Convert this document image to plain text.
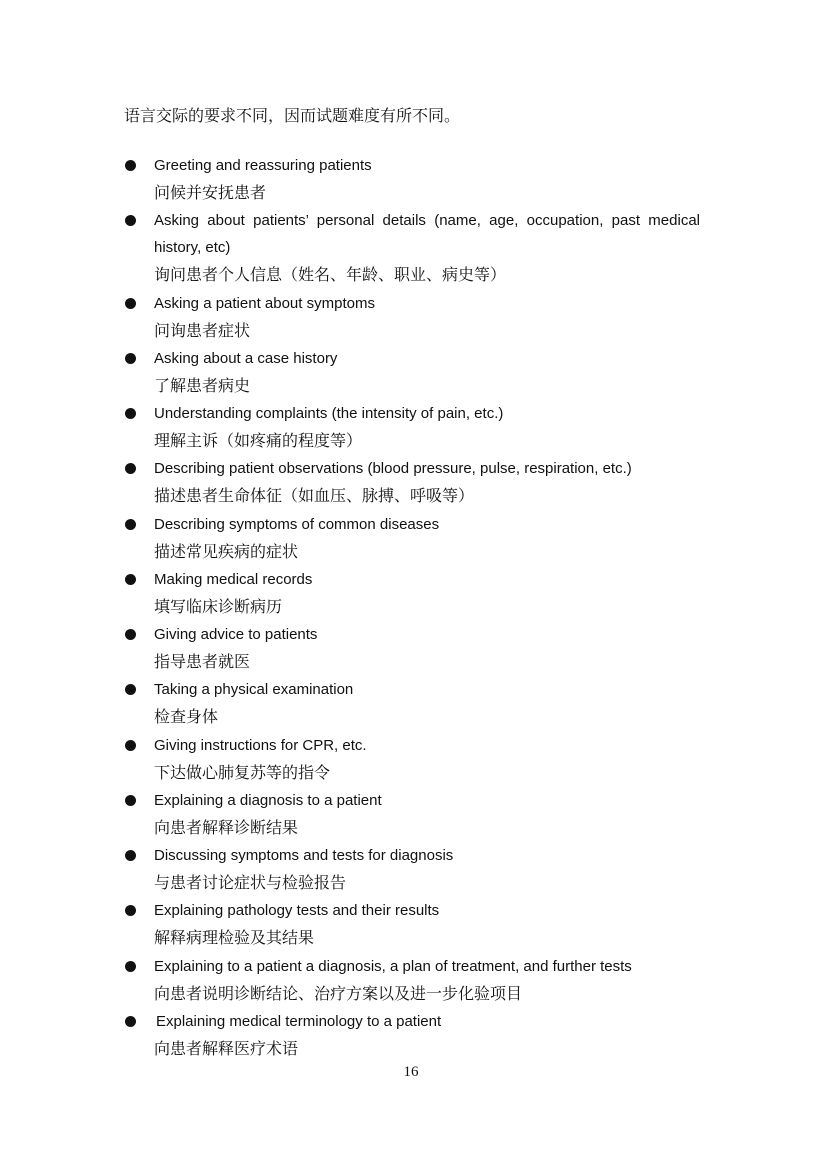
语言交际的要求不同，因而试题难度有所不同。
Greeting and reassuring patients
问候并安抚患者
Asking about patients’ personal details (name, age, occupation, past medical history, etc)
询问患者个人信息（姓名、年龄、职业、病史等）
Asking a patient about symptoms
问询患者症状
Asking about a case history
了解患者病史
Understanding complaints (the intensity of pain, etc.)
理解主诉（如疼痛的程度等）
Describing patient observations (blood pressure, pulse, respiration, etc.)
描述患者生命体征（如血压、脉搏、呼吸等）
Describing symptoms of common diseases
描述常见疾病的症状
Making medical records
填写临床诊断病历
Giving advice to patients
指导患者就医
Taking a physical examination
检查身体
Giving instructions for CPR, etc.
下达做心肺复苏等的指令
Explaining a diagnosis to a patient
向患者解释诊断结果
Discussing symptoms and tests for diagnosis
与患者讨论症状与检验报告
Explaining pathology tests and their results
解释病理检验及其结果
Explaining to a patient a diagnosis, a plan of treatment, and further tests
向患者说明诊断结论、治疗方案以及进一步化验项目
Explaining medical terminology to a patient
向患者解释医疗术语
16
